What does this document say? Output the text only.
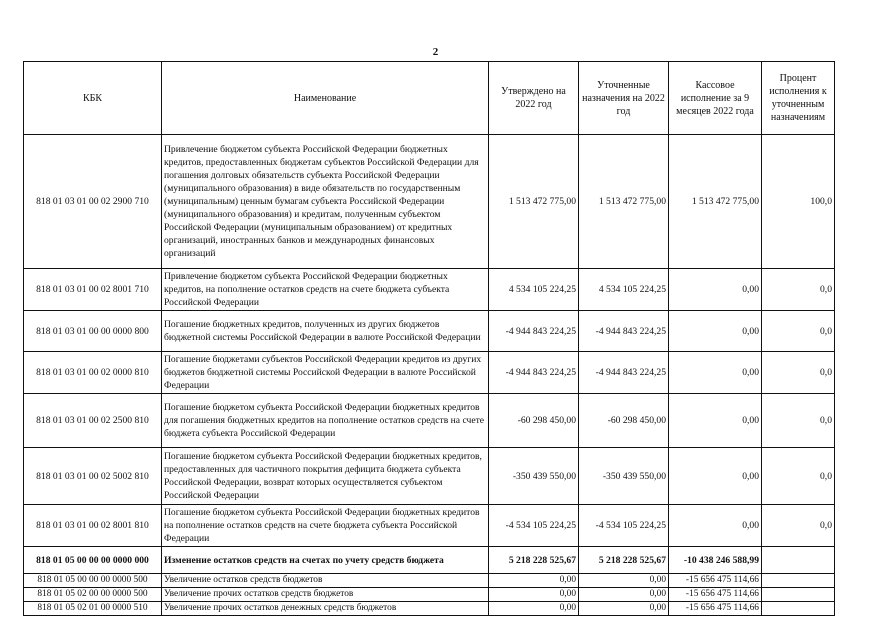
2
КБК	Наименование	Утверждено на 2022 год	Уточненные назначения на 2022 год	Кассовое исполнение за 9 месяцев 2022 года	Процент исполнения к уточненным назначениям
818 01 03 01 00 02 2900 710	Привлечение бюджетом субъекта Российской Федерации бюджетных кредитов, предоставленных бюджетам субъектов Российской Федерации для погашения долговых обязательств субъекта Российской Федерации (муниципального образования) в виде обязательств по государственным (муниципальным) ценным бумагам субъекта Российской Федерации (муниципального образования) и кредитам, полученным субъектом Российской Федерации (муниципальным образованием) от кредитных организаций, иностранных банков и международных финансовых организаций	1 513 472 775,00	1 513 472 775,00	1 513 472 775,00	100,0
818 01 03 01 00 02 8001 710	Привлечение бюджетом субъекта Российской Федерации бюджетных кредитов, на пополнение остатков средств на счете бюджета субъекта Российской Федерации	4 534 105 224,25	4 534 105 224,25	0,00	0,0
818 01 03 01 00 00 0000 800	Погашение бюджетных кредитов, полученных из других бюджетов бюджетной системы Российской Федерации в валюте Российской Федерации	-4 944 843 224,25	-4 944 843 224,25	0,00	0,0
818 01 03 01 00 02 0000 810	Погашение бюджетами субъектов Российской Федерации кредитов из других бюджетов бюджетной системы Российской Федерации в валюте Российской Федерации	-4 944 843 224,25	-4 944 843 224,25	0,00	0,0
818 01 03 01 00 02 2500 810	Погашение бюджетом субъекта Российской Федерации бюджетных кредитов для погашения бюджетных кредитов на пополнение остатков средств на счете бюджета субъекта Российской Федерации	-60 298 450,00	-60 298 450,00	0,00	0,0
818 01 03 01 00 02 5002 810	Погашение бюджетом субъекта Российской Федерации бюджетных кредитов, предоставленных для частичного покрытия дефицита бюджета субъекта Российской Федерации, возврат которых осуществляется субъектом Российской Федерации	-350 439 550,00	-350 439 550,00	0,00	0,0
818 01 03 01 00 02 8001 810	Погашение бюджетом субъекта Российской Федерации бюджетных кредитов на пополнение остатков средств на счете бюджета субъекта Российской Федерации	-4 534 105 224,25	-4 534 105 224,25	0,00	0,0
818 01 05 00 00 00 0000 000	Изменение остатков средств на счетах по учету средств бюджета	5 218 228 525,67	5 218 228 525,67	-10 438 246 588,99	
818 01 05 00 00 00 0000 500	Увеличение остатков средств бюджетов	0,00	0,00	-15 656 475 114,66	
818 01 05 02 00 00 0000 500	Увеличение прочих остатков средств бюджетов	0,00	0,00	-15 656 475 114,66	
818 01 05 02 01 00 0000 510	Увеличение прочих остатков денежных средств бюджетов	0,00	0,00	-15 656 475 114,66	
